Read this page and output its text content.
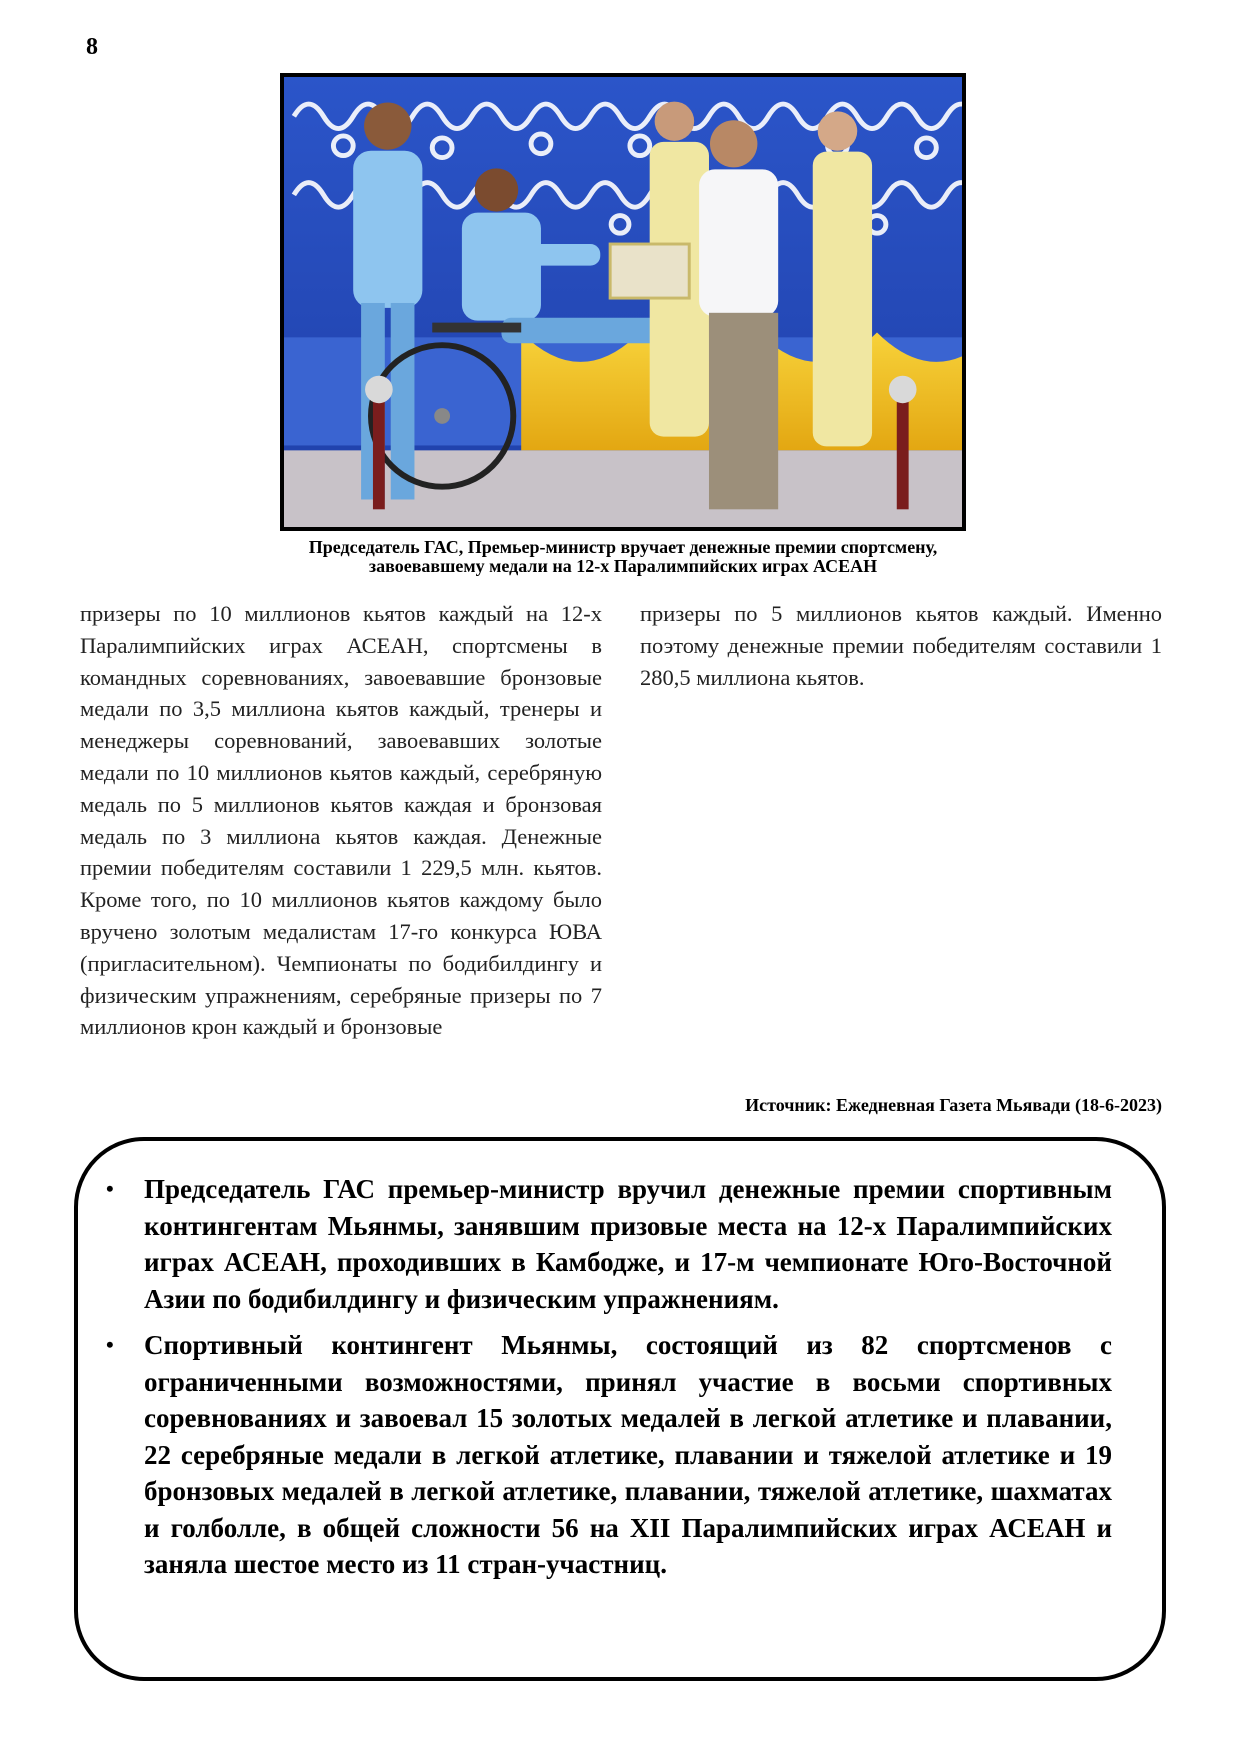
8
Председатель ГАС, Премьер-министр вручает денежные премии спортсмену,
завоевавшему медали на 12-х Паралимпийских играх АСЕАН
призеры по 10 миллионов кьятов каждый на 12-х Паралимпийских играх АСЕАН, спортсмены в командных соревнованиях, завоевавшие бронзовые медали по 3,5 миллиона кьятов каждый, тренеры и менеджеры соревнований, завоевавших золотые медали по 10 миллионов кьятов каждый, серебряную медаль по 5 миллионов кьятов каждая и бронзовая медаль по 3 миллиона кьятов каждая. Денежные премии победителям составили 1 229,5 млн. кьятов. Кроме того, по 10 миллионов кьятов каждому было вручено золотым медалистам 17-го конкурса ЮВА (пригласительном). Чемпионаты по бодибилдингу и физическим упражнениям, серебряные призеры по 7 миллионов крон каждый и бронзовые
призеры по 5 миллионов кьятов каждый. Именно поэтому денежные премии победителям составили 1 280,5 миллиона кьятов.
Источник: Ежедневная Газета Мьявади (18-6-2023)
• Председатель ГАС премьер-министр вручил денежные премии спортивным контингентам Мьянмы, занявшим призовые места на 12-х Паралимпийских играх АСЕАН, проходивших в Камбодже, и 17-м чемпионате Юго-Восточной Азии по бодибилдингу и физическим упражнениям.
• Спортивный контингент Мьянмы, состоящий из 82 спортсменов с ограниченными возможностями, принял участие в восьми спортивных соревнованиях и завоевал 15 золотых медалей в легкой атлетике и плавании, 22 серебряные медали в легкой атлетике, плавании и тяжелой атлетике и 19 бронзовых медалей в легкой атлетике, плавании, тяжелой атлетике, шахматах и голболле, в общей сложности 56 на XII Паралимпийских играх АСЕАН и заняла шестое место из 11 стран-участниц.
